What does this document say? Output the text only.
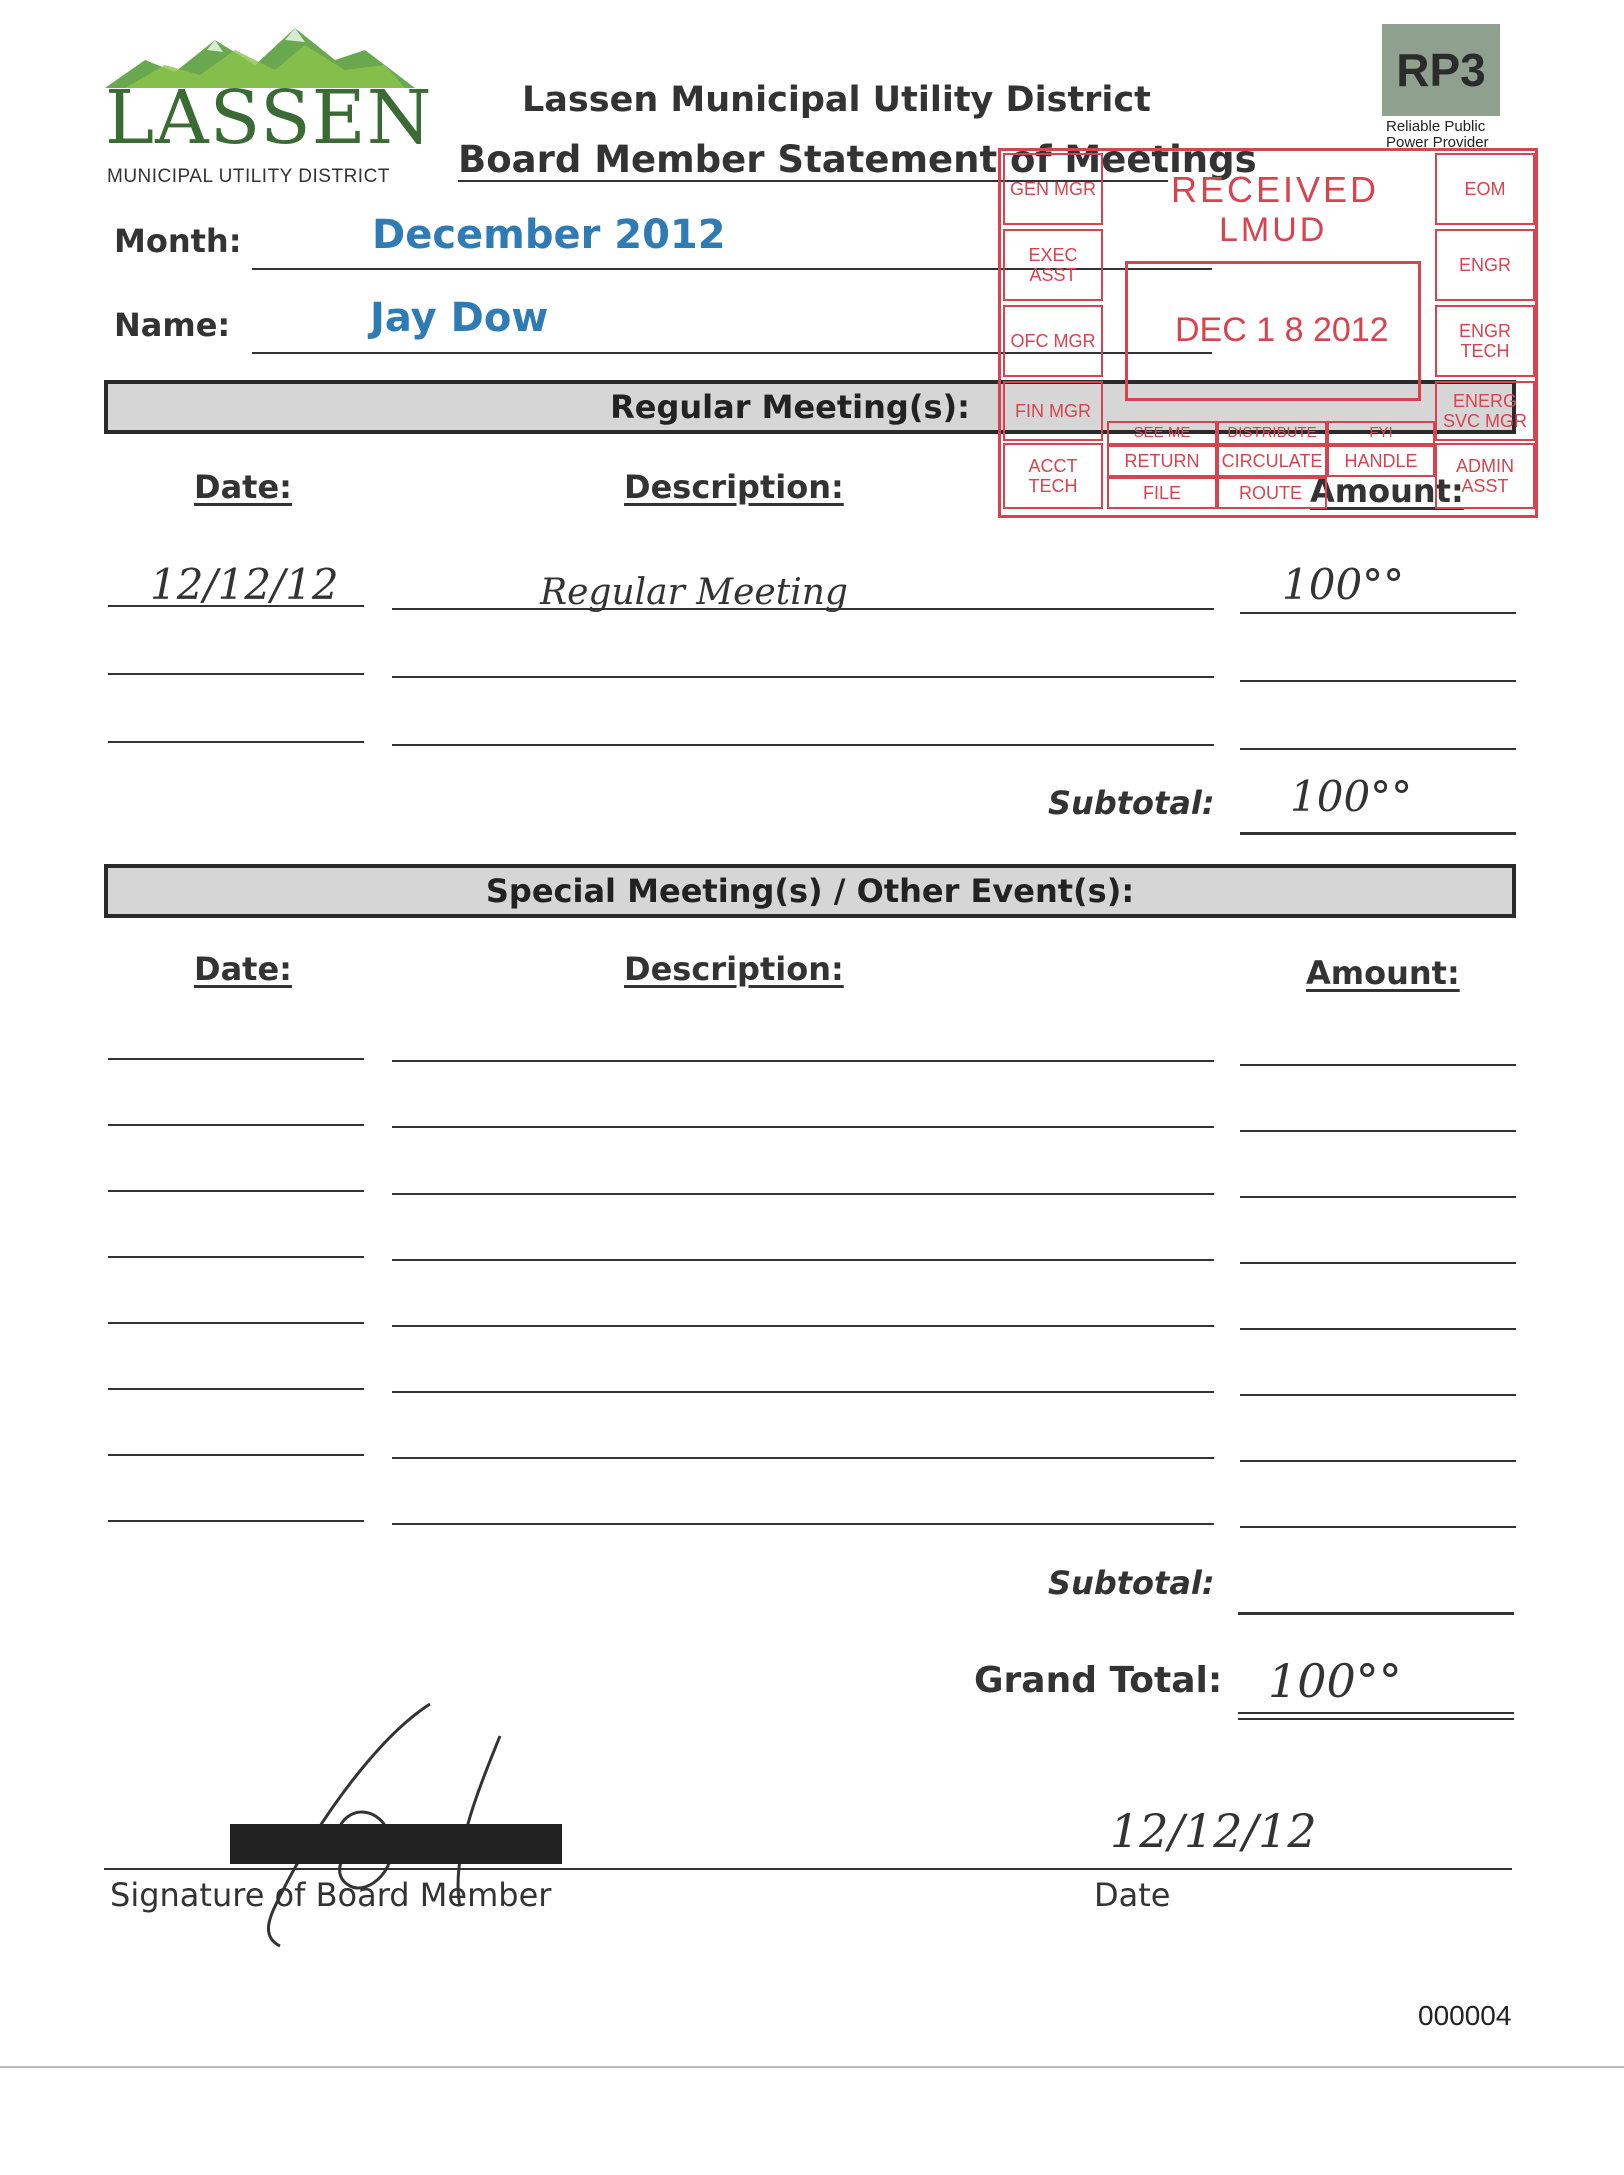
LASSEN
MUNICIPAL UTILITY DISTRICT
RP3
Reliable Public
Power Provider
Lassen Municipal Utility District
Board Member Statement of Meetings
Month:	December 2012
Name:	Jay Dow
Regular Meeting(s):
Date:	Description:	Amount:
12/12/12	Regular Meeting	100°°
Subtotal: 100°°
Special Meeting(s) / Other Event(s):
Date:	Description:	Amount:
Subtotal:
Grand Total: 100°°
Signature of Board Member	Date
12/12/12
000004
GEN MGR
EXEC ASST
OFC MGR
FIN MGR
ACCT TECH
EOM
ENGR
ENGR TECH
ENERG SVC MGR
ADMIN ASST
RECEIVED
LMUD
DEC 1 8 2012
SEE ME	DISTRIBUTE	FYI
RETURN	CIRCULATE	HANDLE
FILE	ROUTE
